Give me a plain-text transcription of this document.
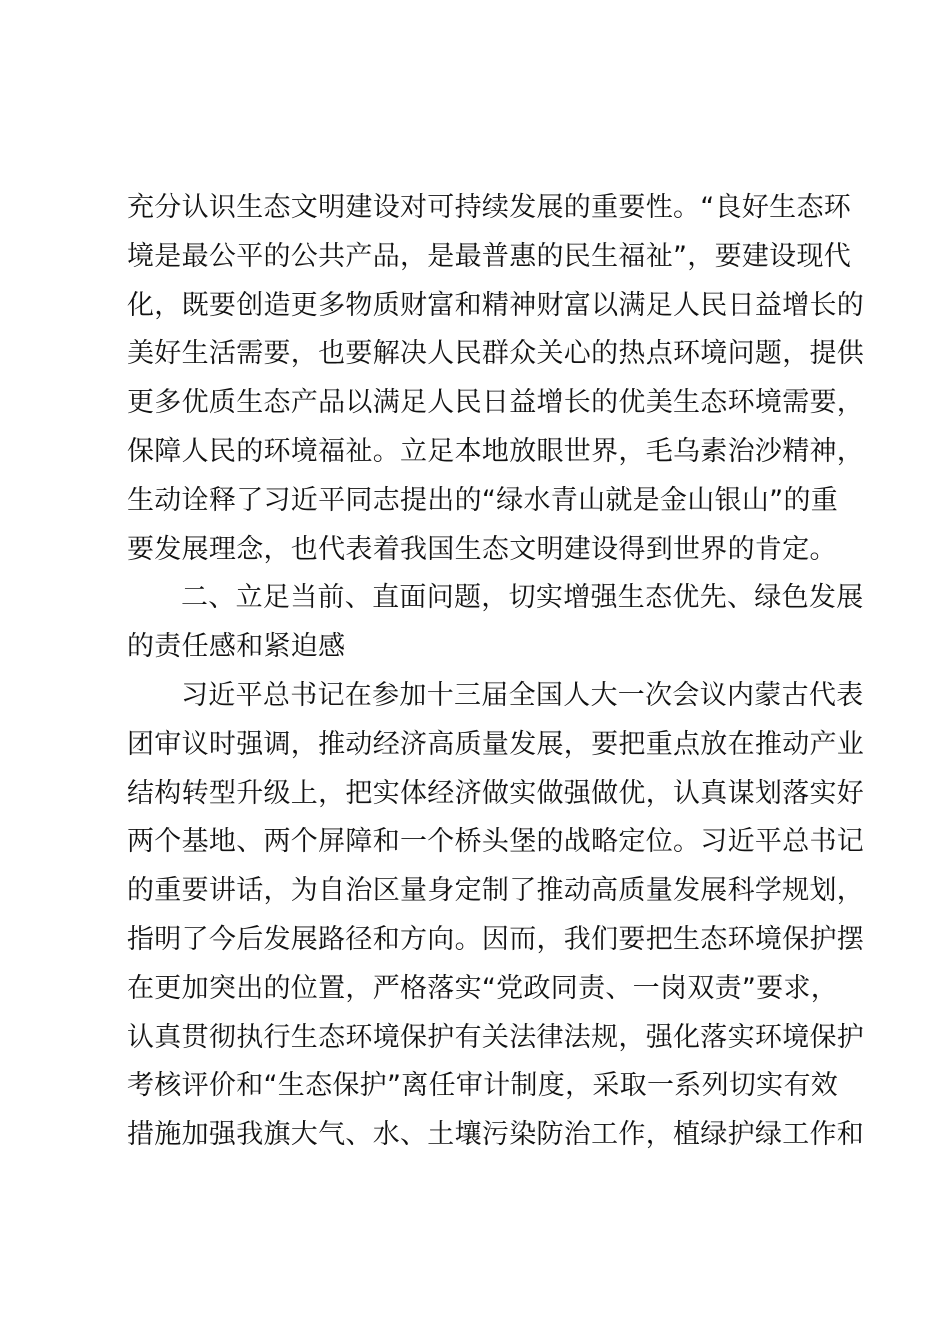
充分认识生态文明建设对可持续发展的重要性。“良好生态环
境是最公平的公共产品，是最普惠的民生福祉”，要建设现代
化，既要创造更多物质财富和精神财富以满足人民日益增长的
美好生活需要，也要解决人民群众关心的热点环境问题，提供
更多优质生态产品以满足人民日益增长的优美生态环境需要，
保障人民的环境福祉。立足本地放眼世界，毛乌素治沙精神，
生动诠释了习近平同志提出的“绿水青山就是金山银山”的重
要发展理念，也代表着我国生态文明建设得到世界的肯定。
二、立足当前、直面问题，切实增强生态优先、绿色发展
的责任感和紧迫感
习近平总书记在参加十三届全国人大一次会议内蒙古代表
团审议时强调，推动经济高质量发展，要把重点放在推动产业
结构转型升级上，把实体经济做实做强做优，认真谋划落实好
两个基地、两个屏障和一个桥头堡的战略定位。习近平总书记
的重要讲话，为自治区量身定制了推动高质量发展科学规划，
指明了今后发展路径和方向。因而，我们要把生态环境保护摆
在更加突出的位置，严格落实“党政同责、一岗双责”要求，
认真贯彻执行生态环境保护有关法律法规，强化落实环境保护
考核评价和“生态保护”离任审计制度，采取一系列切实有效
措施加强我旗大气、水、土壤污染防治工作，植绿护绿工作和
